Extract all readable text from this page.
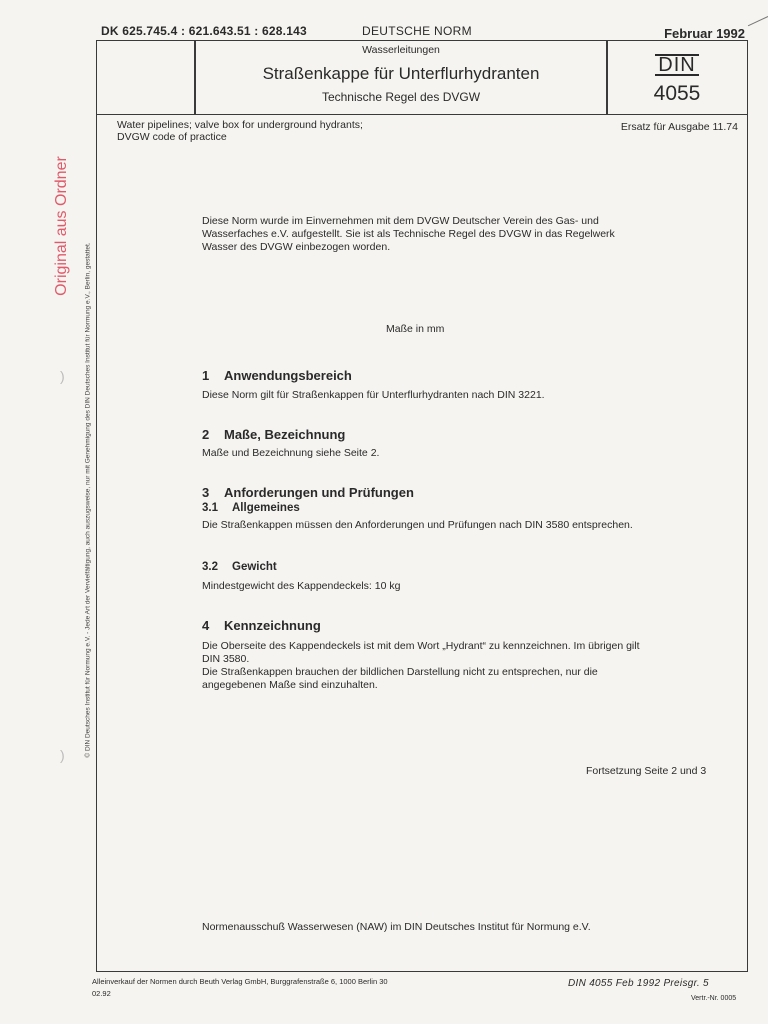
DK 625.745.4 : 621.643.51 : 628.143	DEUTSCHE NORM	Februar 1992
Wasserleitungen
Straßenkappe für Unterflurhydranten
Technische Regel des DVGW
DIN
4055
Water pipelines; valve box for underground hydrants;
DVGW code of practice
Ersatz für Ausgabe 11.74
Diese Norm wurde im Einvernehmen mit dem DVGW Deutscher Verein des Gas- und Wasserfaches e.V. aufgestellt. Sie ist als Technische Regel des DVGW in das Regelwerk Wasser des DVGW einbezogen worden.
Maße in mm
1 Anwendungsbereich
Diese Norm gilt für Straßenkappen für Unterflurhydranten nach DIN 3221.
2 Maße, Bezeichnung
Maße und Bezeichnung siehe Seite 2.
3 Anforderungen und Prüfungen
3.1 Allgemeines
Die Straßenkappen müssen den Anforderungen und Prüfungen nach DIN 3580 entsprechen.
3.2 Gewicht
Mindestgewicht des Kappendeckels: 10 kg
4 Kennzeichnung
Die Oberseite des Kappendeckels ist mit dem Wort „Hydrant“ zu kennzeichnen. Im übrigen gilt DIN 3580.
Die Straßenkappen brauchen der bildlichen Darstellung nicht zu entsprechen, nur die angegebenen Maße sind einzuhalten.
Fortsetzung Seite 2 und 3
Normenausschuß Wasserwesen (NAW) im DIN Deutsches Institut für Normung e.V.
Alleinverkauf der Normen durch Beuth Verlag GmbH, Burggrafenstraße 6, 1000 Berlin 30
02.92
DIN 4055 Feb 1992 Preisgr. 5
Vertr.-Nr. 0005
Original aus Ordner
© DIN Deutsches Institut für Normung e.V. - Jede Art der Vervielfältigung, auch auszugsweise, nur mit Genehmigung des DIN Deutsches Institut für Normung e.V., Berlin, gestattet.
)
)
